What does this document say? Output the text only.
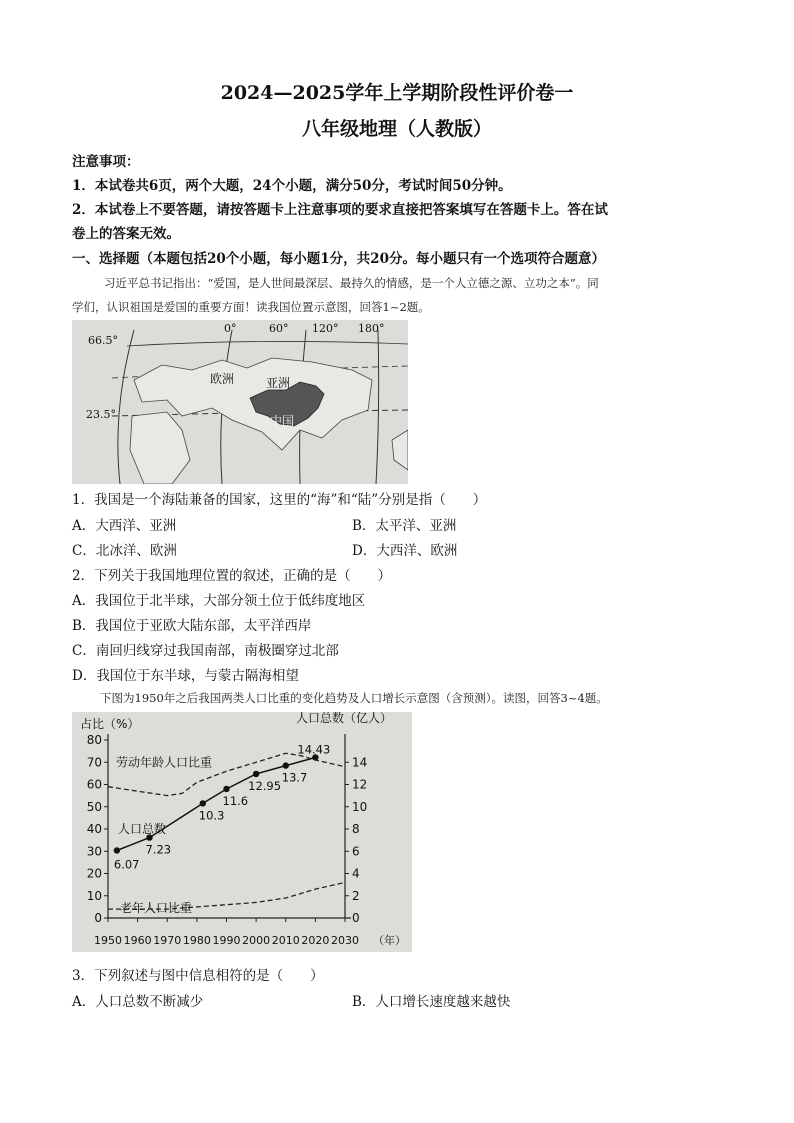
2024—2025学年上学期阶段性评价卷一
八年级地理（人教版）
注意事项：
1．本试卷共6页，两个大题，24个小题，满分50分，考试时间50分钟。
2．本试卷上不要答题，请按答题卡上注意事项的要求直接把答案填写在答题卡上。答在试
卷上的答案无效。
一、选择题（本题包括20个小题，每小题1分，共20分。每小题只有一个选项符合题意）
习近平总书记指出：“爱国，是人世间最深层、最持久的情感，是一个人立德之源、立功之本”。同
学们，认识祖国是爱国的重要方面！读我国位置示意图，回答1~2题。
0°	60° 120° 180°
66.5°
23.5°
欧洲	亚洲
中国
1．我国是一个海陆兼备的国家，这里的“海”和“陆”分别是指（　　）
A．大西洋、亚洲	B．太平洋、亚洲
C．北冰洋、欧洲	D．大西洋、欧洲
2．下列关于我国地理位置的叙述，正确的是（　　）
A．我国位于北半球，大部分领土位于低纬度地区
B．我国位于亚欧大陆东部，太平洋西岸
C．南回归线穿过我国南部，南极圈穿过北部
D．我国位于东半球，与蒙古隔海相望
下图为1950年之后我国两类人口比重的变化趋势及人口增长示意图（含预测）。读图，回答3~4题。
0
10
20
30
40
50
60
70
80
0
2
4
6
8
10
12
14
1950 1960 1970 1980 1990 2000 2010 2020 2030
占比（%）	人口总数（亿人）
（年）
6.07
7.23
10.3
11.6
12.95
13.7
14.43
劳动年龄人口比重
人口总数
老年人口比重
3．下列叙述与图中信息相符的是（　　）
A．人口总数不断减少	B．人口增长速度越来越快
